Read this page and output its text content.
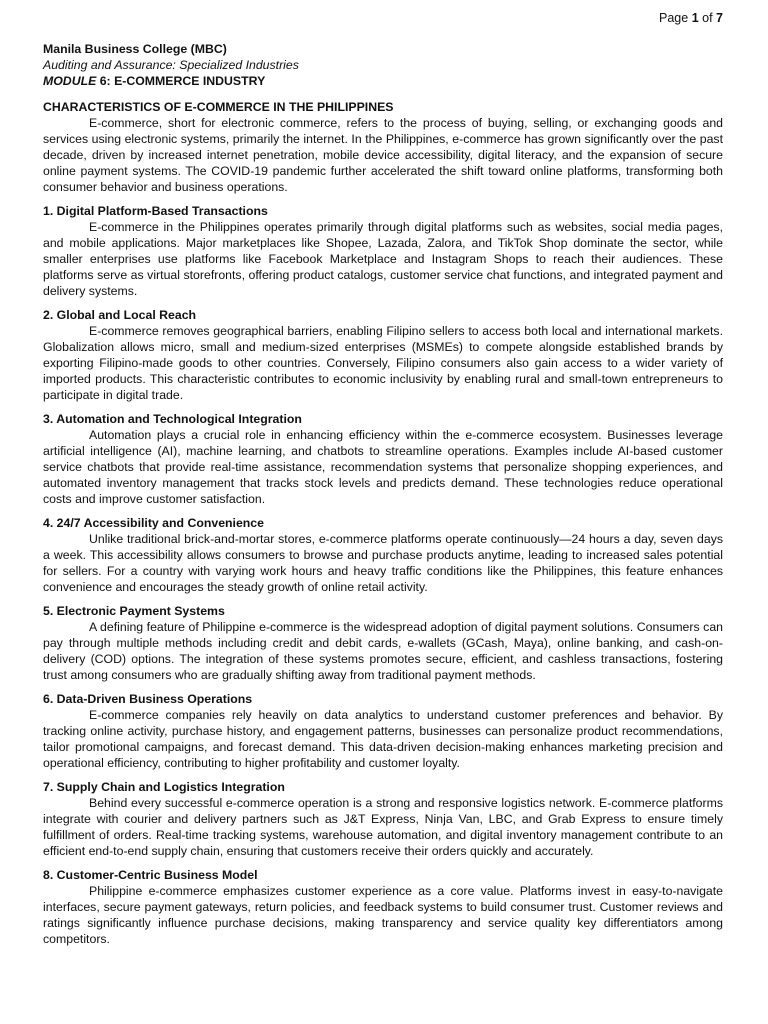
Page 1 of 7
Manila Business College (MBC)
Auditing and Assurance: Specialized Industries
MODULE 6: E-COMMERCE INDUSTRY
CHARACTERISTICS OF E-COMMERCE IN THE PHILIPPINES

E-commerce, short for electronic commerce, refers to the process of buying, selling, or exchanging goods and services using electronic systems, primarily the internet. In the Philippines, e-commerce has grown significantly over the past decade, driven by increased internet penetration, mobile device accessibility, digital literacy, and the expansion of secure online payment systems. The COVID-19 pandemic further accelerated the shift toward online platforms, transforming both consumer behavior and business operations.

1. Digital Platform-Based Transactions

E-commerce in the Philippines operates primarily through digital platforms such as websites, social media pages, and mobile applications. Major marketplaces like Shopee, Lazada, Zalora, and TikTok Shop dominate the sector, while smaller enterprises use platforms like Facebook Marketplace and Instagram Shops to reach their audiences. These platforms serve as virtual storefronts, offering product catalogs, customer service chat functions, and integrated payment and delivery systems.

2. Global and Local Reach

E-commerce removes geographical barriers, enabling Filipino sellers to access both local and international markets. Globalization allows micro, small and medium-sized enterprises (MSMEs) to compete alongside established brands by exporting Filipino-made goods to other countries. Conversely, Filipino consumers also gain access to a wider variety of imported products. This characteristic contributes to economic inclusivity by enabling rural and small-town entrepreneurs to participate in digital trade.

3. Automation and Technological Integration

Automation plays a crucial role in enhancing efficiency within the e-commerce ecosystem. Businesses leverage artificial intelligence (AI), machine learning, and chatbots to streamline operations. Examples include AI-based customer service chatbots that provide real-time assistance, recommendation systems that personalize shopping experiences, and automated inventory management that tracks stock levels and predicts demand. These technologies reduce operational costs and improve customer satisfaction.

4. 24/7 Accessibility and Convenience

Unlike traditional brick-and-mortar stores, e-commerce platforms operate continuously—24 hours a day, seven days a week. This accessibility allows consumers to browse and purchase products anytime, leading to increased sales potential for sellers. For a country with varying work hours and heavy traffic conditions like the Philippines, this feature enhances convenience and encourages the steady growth of online retail activity.

5. Electronic Payment Systems

A defining feature of Philippine e-commerce is the widespread adoption of digital payment solutions. Consumers can pay through multiple methods including credit and debit cards, e-wallets (GCash, Maya), online banking, and cash-on-delivery (COD) options. The integration of these systems promotes secure, efficient, and cashless transactions, fostering trust among consumers who are gradually shifting away from traditional payment methods.

6. Data-Driven Business Operations

E-commerce companies rely heavily on data analytics to understand customer preferences and behavior. By tracking online activity, purchase history, and engagement patterns, businesses can personalize product recommendations, tailor promotional campaigns, and forecast demand. This data-driven decision-making enhances marketing precision and operational efficiency, contributing to higher profitability and customer loyalty.

7. Supply Chain and Logistics Integration

Behind every successful e-commerce operation is a strong and responsive logistics network. E-commerce platforms integrate with courier and delivery partners such as J&T Express, Ninja Van, LBC, and Grab Express to ensure timely fulfillment of orders. Real-time tracking systems, warehouse automation, and digital inventory management contribute to an efficient end-to-end supply chain, ensuring that customers receive their orders quickly and accurately.

8. Customer-Centric Business Model

Philippine e-commerce emphasizes customer experience as a core value. Platforms invest in easy-to-navigate interfaces, secure payment gateways, return policies, and feedback systems to build consumer trust. Customer reviews and ratings significantly influence purchase decisions, making transparency and service quality key differentiators among competitors.
